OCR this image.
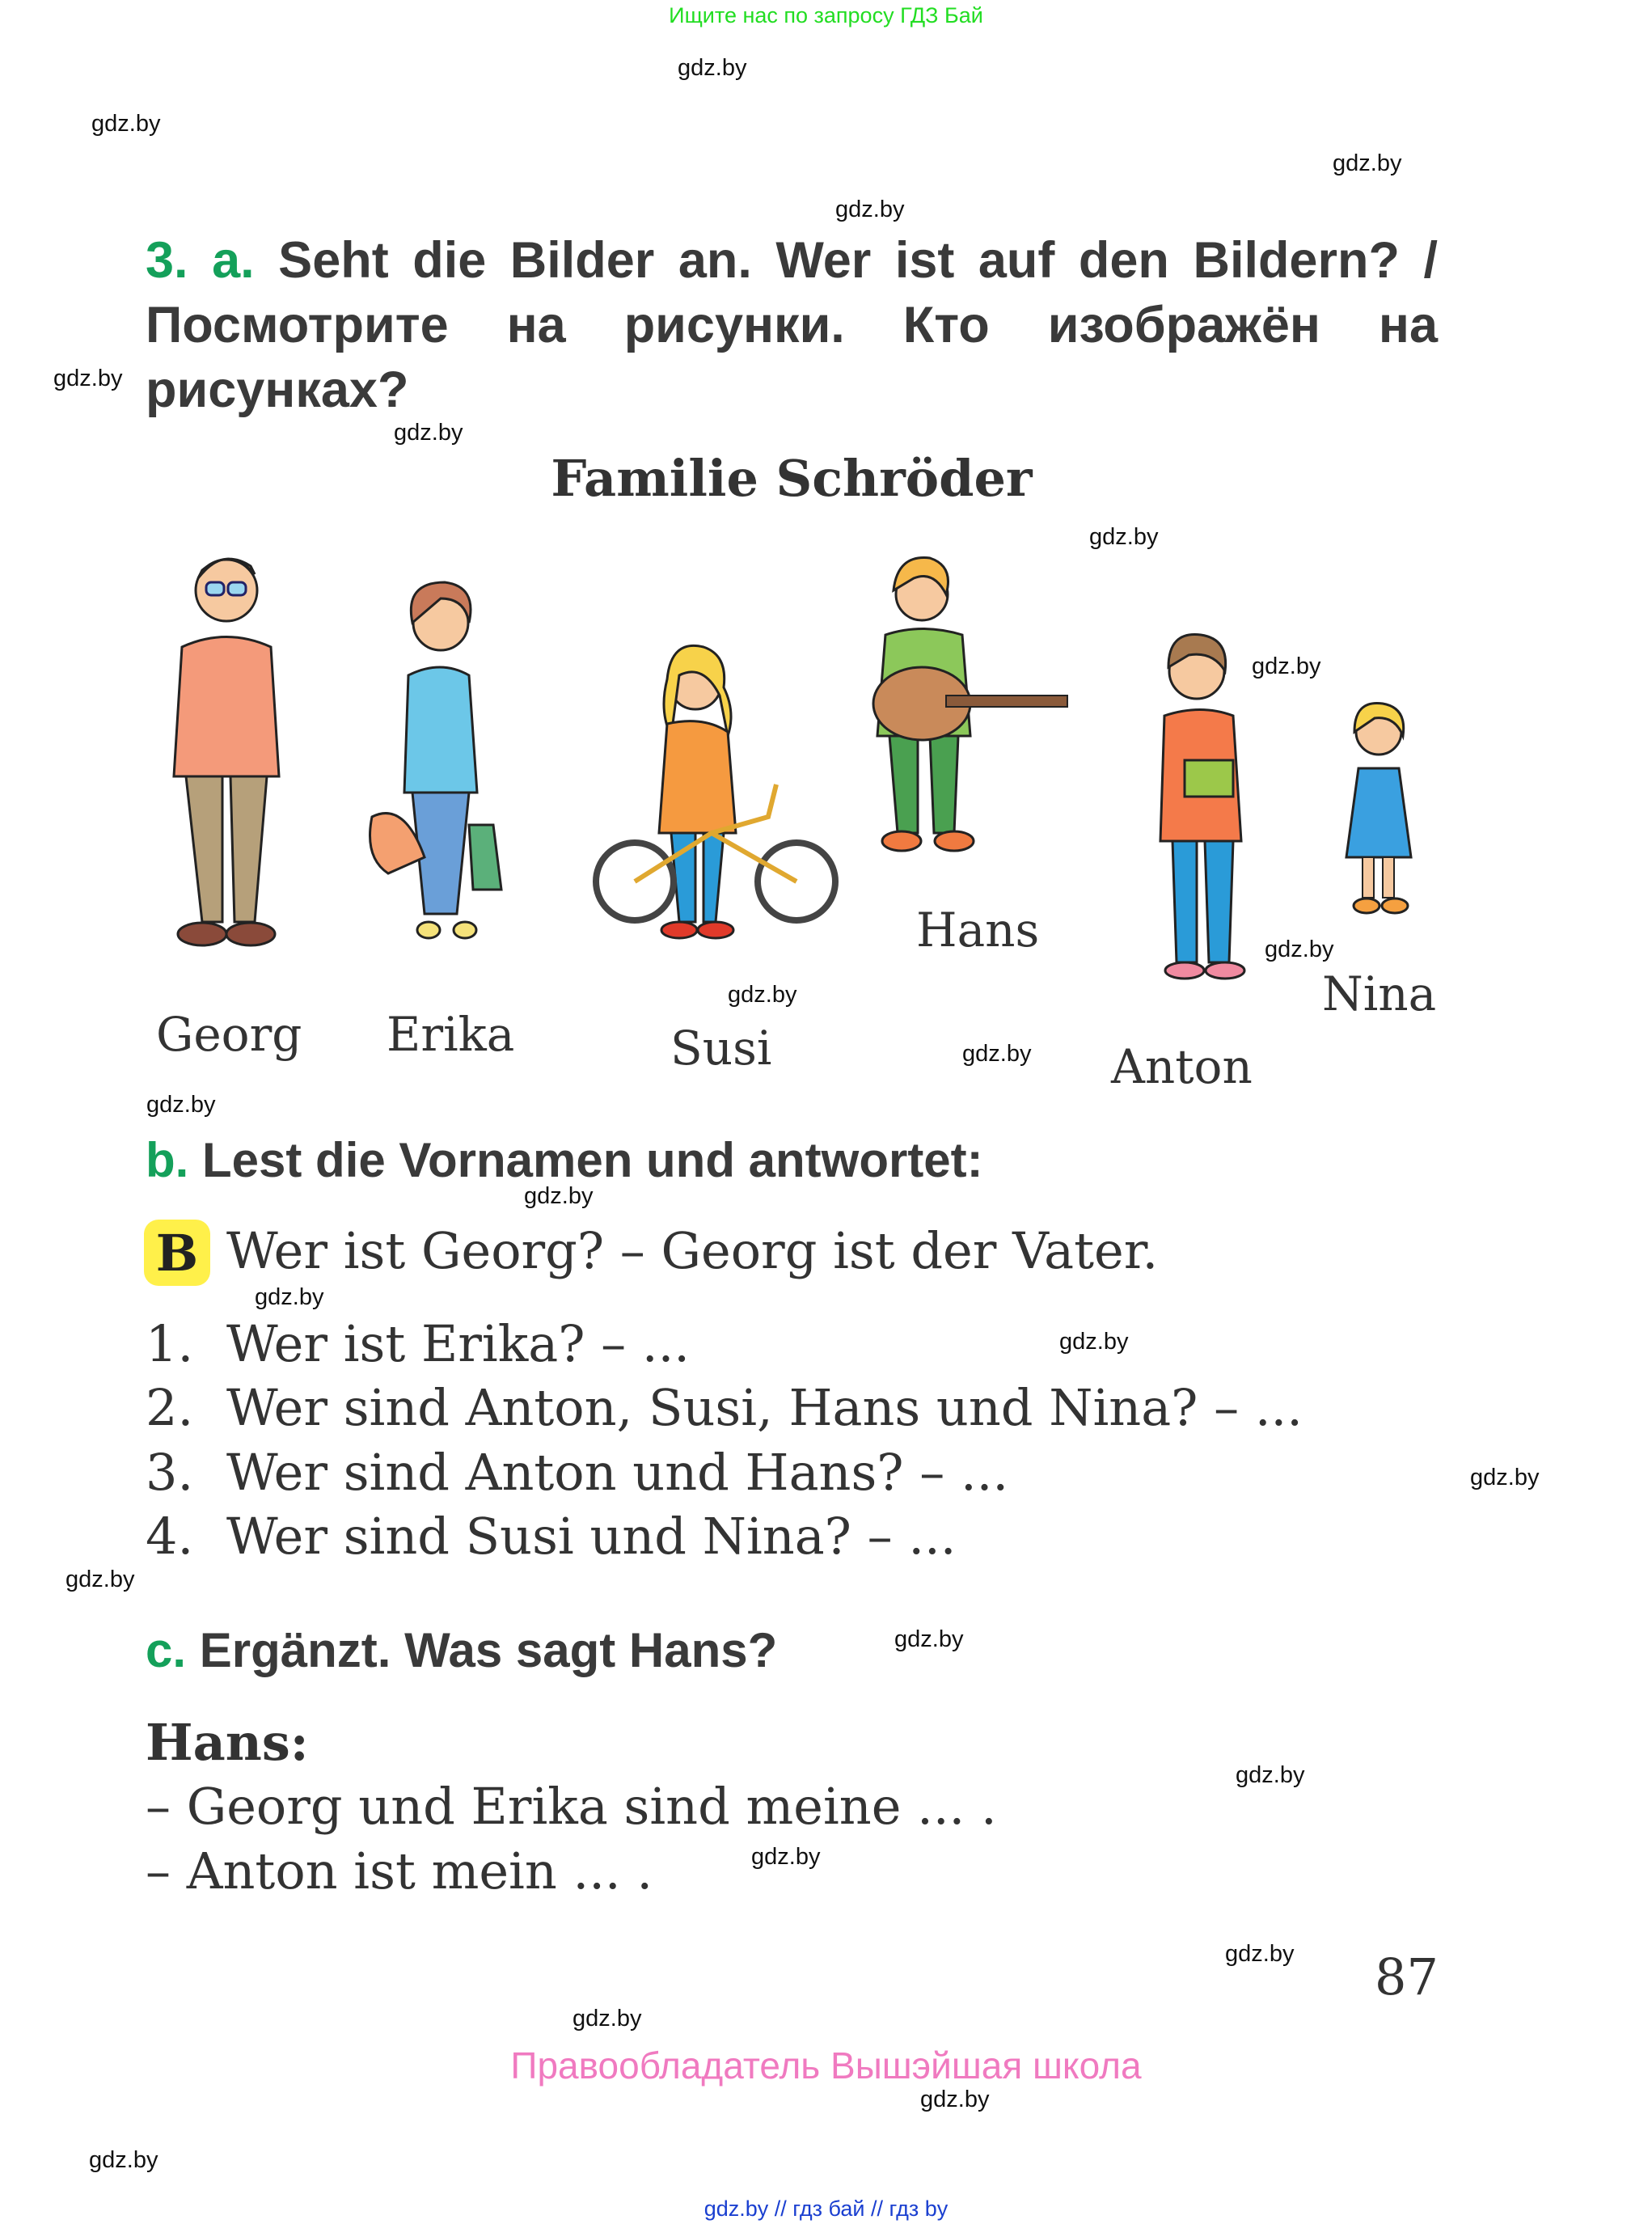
Ищите нас по запросу ГДЗ Бай
gdz.by
gdz.by
gdz.by
gdz.by
gdz.by
gdz.by
gdz.by
gdz.by
gdz.by
gdz.by
gdz.by
gdz.by
gdz.by
gdz.by
gdz.by
gdz.by
gdz.by
gdz.by
gdz.by
gdz.by
gdz.by
gdz.by
gdz.by
gdz.by
3. a. Seht die Bilder an. Wer ist auf den Bildern? / Посмотрите на рисунки. Кто изображён на рисунках?
Familie Schröder
Georg Erika	Susi
Hans
Anton
Nina
b. Lest die Vornamen und antwortet:
B Wer ist Georg? – Georg ist der Vater.
1. Wer ist Erika? – ...
2. Wer sind Anton, Susi, Hans und Nina? – ...
3. Wer sind Anton und Hans? – ...
4. Wer sind Susi und Nina? – ...
c. Ergänzt. Was sagt Hans?
Hans:
– Georg und Erika sind meine ... .
– Anton ist mein ... .
87
Правообладатель Вышэйшая школа
gdz.by // гдз бай // гдз by
